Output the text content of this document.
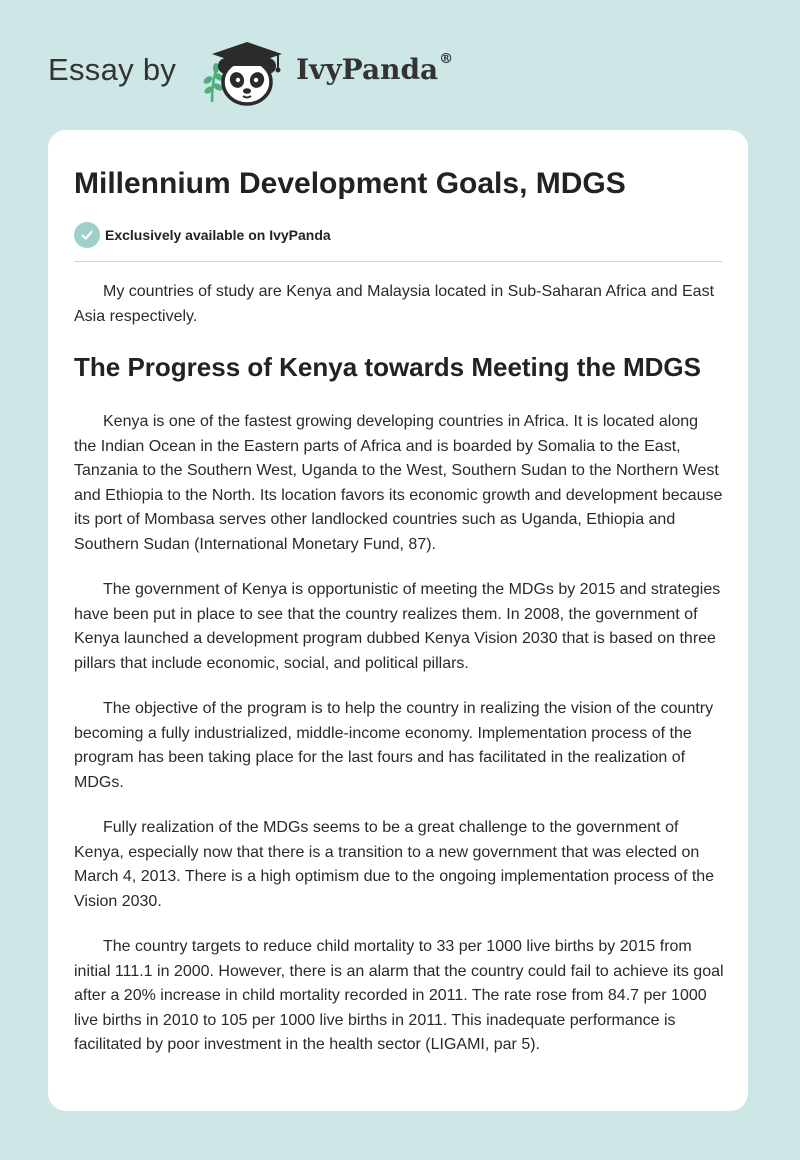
Essay by	IvyPanda®
Millennium Development Goals, MDGS
Exclusively available on IvyPanda

My countries of study are Kenya and Malaysia located in Sub-Saharan Africa and East Asia respectively.

The Progress of Kenya towards Meeting the MDGS

Kenya is one of the fastest growing developing countries in Africa. It is located along the Indian Ocean in the Eastern parts of Africa and is boarded by Somalia to the East, Tanzania to the Southern West, Uganda to the West, Southern Sudan to the Northern West and Ethiopia to the North. Its location favors its economic growth and development because its port of Mombasa serves other landlocked countries such as Uganda, Ethiopia and Southern Sudan (International Monetary Fund, 87).

The government of Kenya is opportunistic of meeting the MDGs by 2015 and strategies have been put in place to see that the country realizes them. In 2008, the government of Kenya launched a development program dubbed Kenya Vision 2030 that is based on three pillars that include economic, social, and political pillars.

The objective of the program is to help the country in realizing the vision of the country becoming a fully industrialized, middle-income economy. Implementation process of the program has been taking place for the last fours and has facilitated in the realization of MDGs.

Fully realization of the MDGs seems to be a great challenge to the government of Kenya, especially now that there is a transition to a new government that was elected on March 4, 2013. There is a high optimism due to the ongoing implementation process of the Vision 2030.

The country targets to reduce child mortality to 33 per 1000 live births by 2015 from initial 111.1 in 2000. However, there is an alarm that the country could fail to achieve its goal after a 20% increase in child mortality recorded in 2011. The rate rose from 84.7 per 1000 live births in 2010 to 105 per 1000 live births in 2011. This inadequate performance is facilitated by poor investment in the health sector (LIGAMI, par 5).
